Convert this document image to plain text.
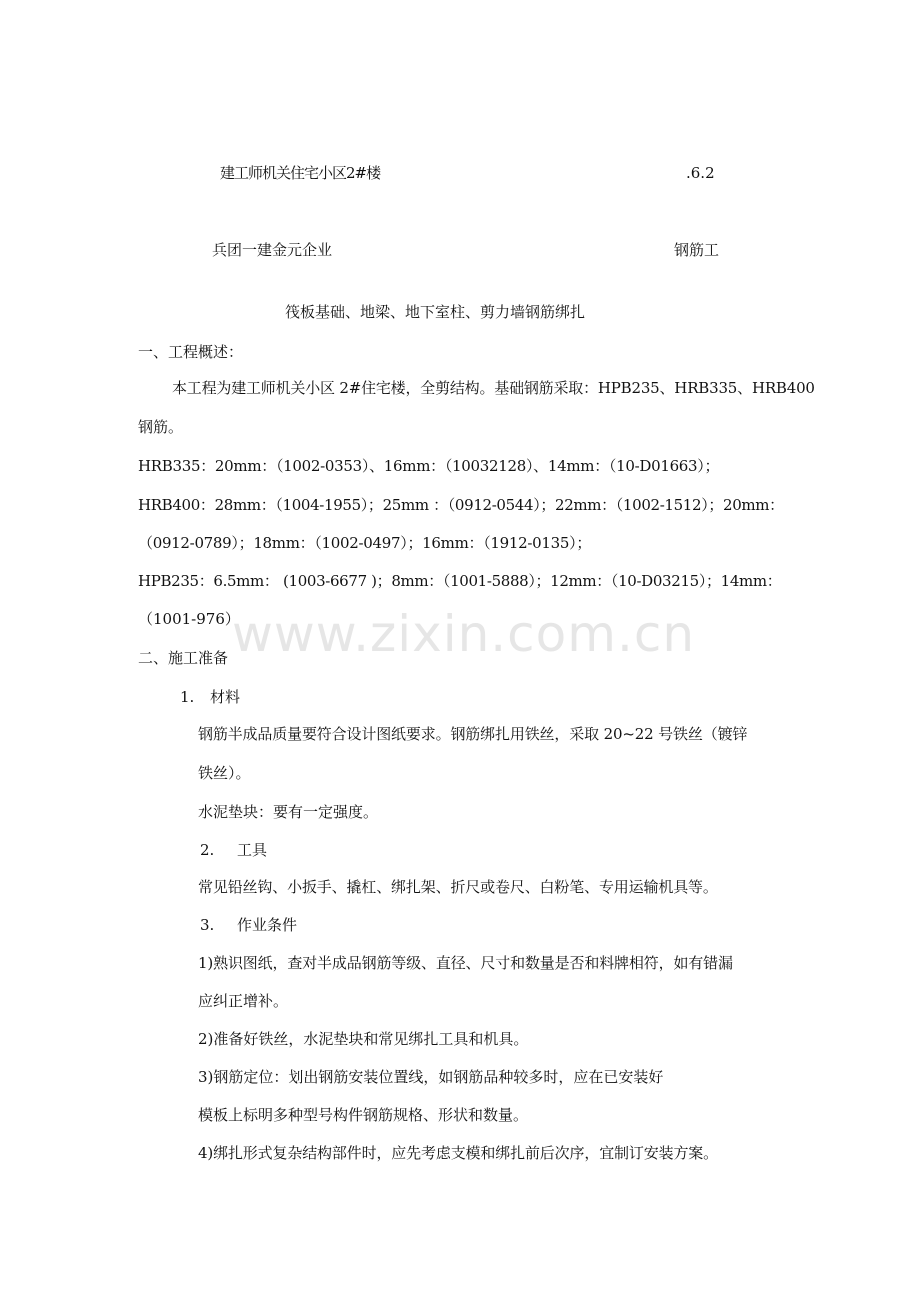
www.zixin.com.cn
建工师机关住宅小区2#楼	.6.2
兵团一建金元企业	钢筋工
筏板基础、地梁、地下室柱、剪力墙钢筋绑扎
一、工程概述：
本工程为建工师机关小区 2#住宅楼，全剪结构。基础钢筋采取：HPB235、HRB335、HRB400
钢筋。
HRB335：20mm：（1002-0353）、16mm：（10032128）、14mm：（10-D01663）；
HRB400：28mm：（1004-1955）；25mm ：（0912-0544）；22mm：（1002-1512）；20mm：
（0912-0789）；18mm：（1002-0497）；16mm：（1912-0135）；
HPB235：6.5mm： (1003-6677 )；8mm：（1001-5888）；12mm：（10-D03215）；14mm：
（1001-976）
二、施工准备
1. 材料
钢筋半成品质量要符合设计图纸要求。钢筋绑扎用铁丝，采取 20~22 号铁丝（镀锌
铁丝）。
水泥垫块：要有一定强度。
2. 工具
常见铅丝钩、小扳手、撬杠、绑扎架、折尺或卷尺、白粉笔、专用运输机具等。
3. 作业条件
1)熟识图纸，查对半成品钢筋等级、直径、尺寸和数量是否和料牌相符，如有错漏
应纠正增补。
2)准备好铁丝，水泥垫块和常见绑扎工具和机具。
3)钢筋定位：划出钢筋安装位置线，如钢筋品种较多时，应在已安装好
模板上标明多种型号构件钢筋规格、形状和数量。
4)绑扎形式复杂结构部件时，应先考虑支模和绑扎前后次序，宜制订安装方案。
